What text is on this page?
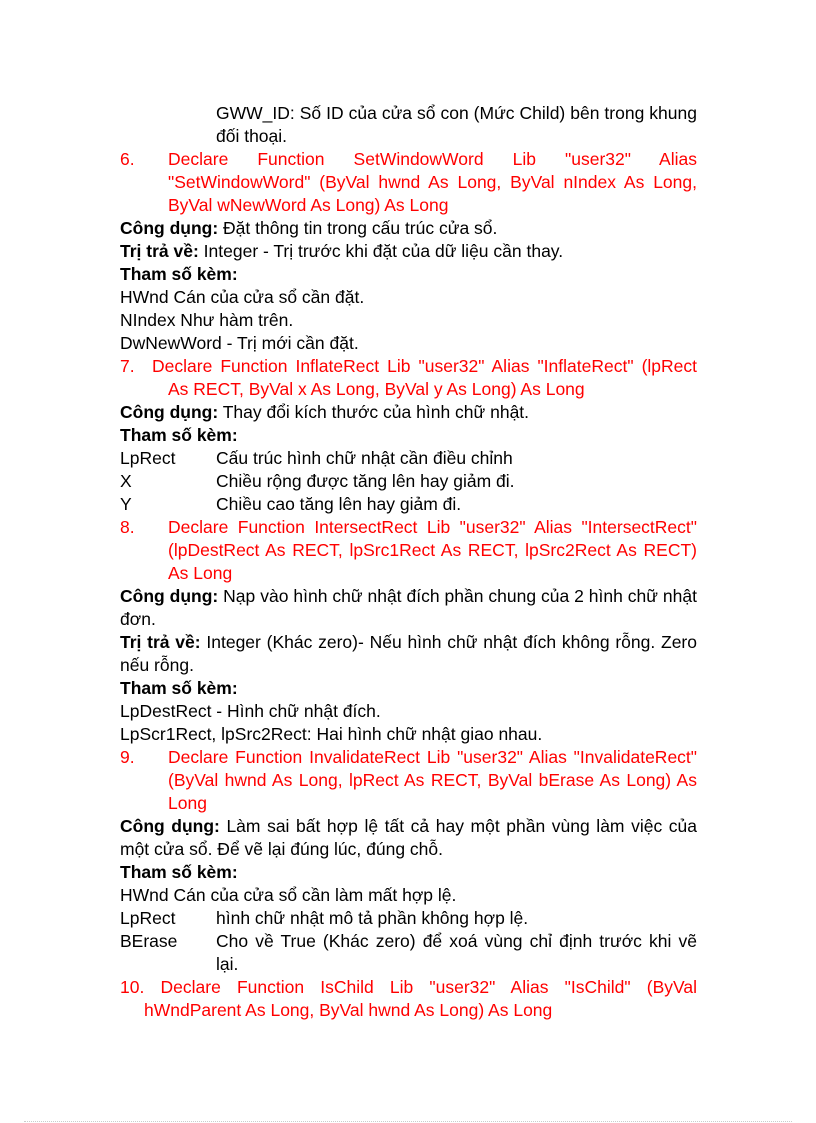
GWW_ID: Số ID của cửa sổ con (Mức Child) bên trong khung đối thoại.

6. Declare Function SetWindowWord Lib "user32" Alias "SetWindowWord" (ByVal hwnd As Long, ByVal nIndex As Long, ByVal wNewWord As Long) As Long

Công dụng: Đặt thông tin trong cấu trúc cửa sổ.

Trị trả về: Integer - Trị trước khi đặt của dữ liệu cần thay.

Tham số kèm:

HWnd Cán của cửa sổ cần đặt.

NIndex Như hàm trên.

DwNewWord - Trị mới cần đặt.

7. Declare Function InflateRect Lib "user32" Alias "InflateRect" (lpRect As RECT, ByVal x As Long, ByVal y As Long) As Long

Công dụng: Thay đổi kích thước của hình chữ nhật.

Tham số kèm:

LpRect	Cấu trúc hình chữ nhật cần điều chỉnh
X	Chiều rộng được tăng lên hay giảm đi.
Y	Chiều cao tăng lên hay giảm đi.

8. Declare Function IntersectRect Lib "user32" Alias "IntersectRect" (lpDestRect As RECT, lpSrc1Rect As RECT, lpSrc2Rect As RECT) As Long

Công dụng: Nạp vào hình chữ nhật đích phần chung của 2 hình chữ nhật đơn.

Trị trả về: Integer (Khác zero)- Nếu hình chữ nhật đích không rỗng. Zero nếu rỗng.

Tham số kèm:

LpDestRect - Hình chữ nhật đích.

LpScr1Rect, lpSrc2Rect: Hai hình chữ nhật giao nhau.

9. Declare Function InvalidateRect Lib "user32" Alias "InvalidateRect" (ByVal hwnd As Long, lpRect As RECT, ByVal bErase As Long) As Long

Công dụng: Làm sai bất hợp lệ tất cả hay một phần vùng làm việc của một cửa sổ. Để vẽ lại đúng lúc, đúng chỗ.

Tham số kèm:

HWnd Cán của cửa sổ cần làm mất hợp lệ.

LpRect	hình chữ nhật mô tả phần không hợp lệ.

BErase Cho về True (Khác zero) để xoá vùng chỉ định trước khi vẽ lại.

10. Declare Function IsChild Lib "user32" Alias "IsChild" (ByVal hWndParent As Long, ByVal hwnd As Long) As Long
